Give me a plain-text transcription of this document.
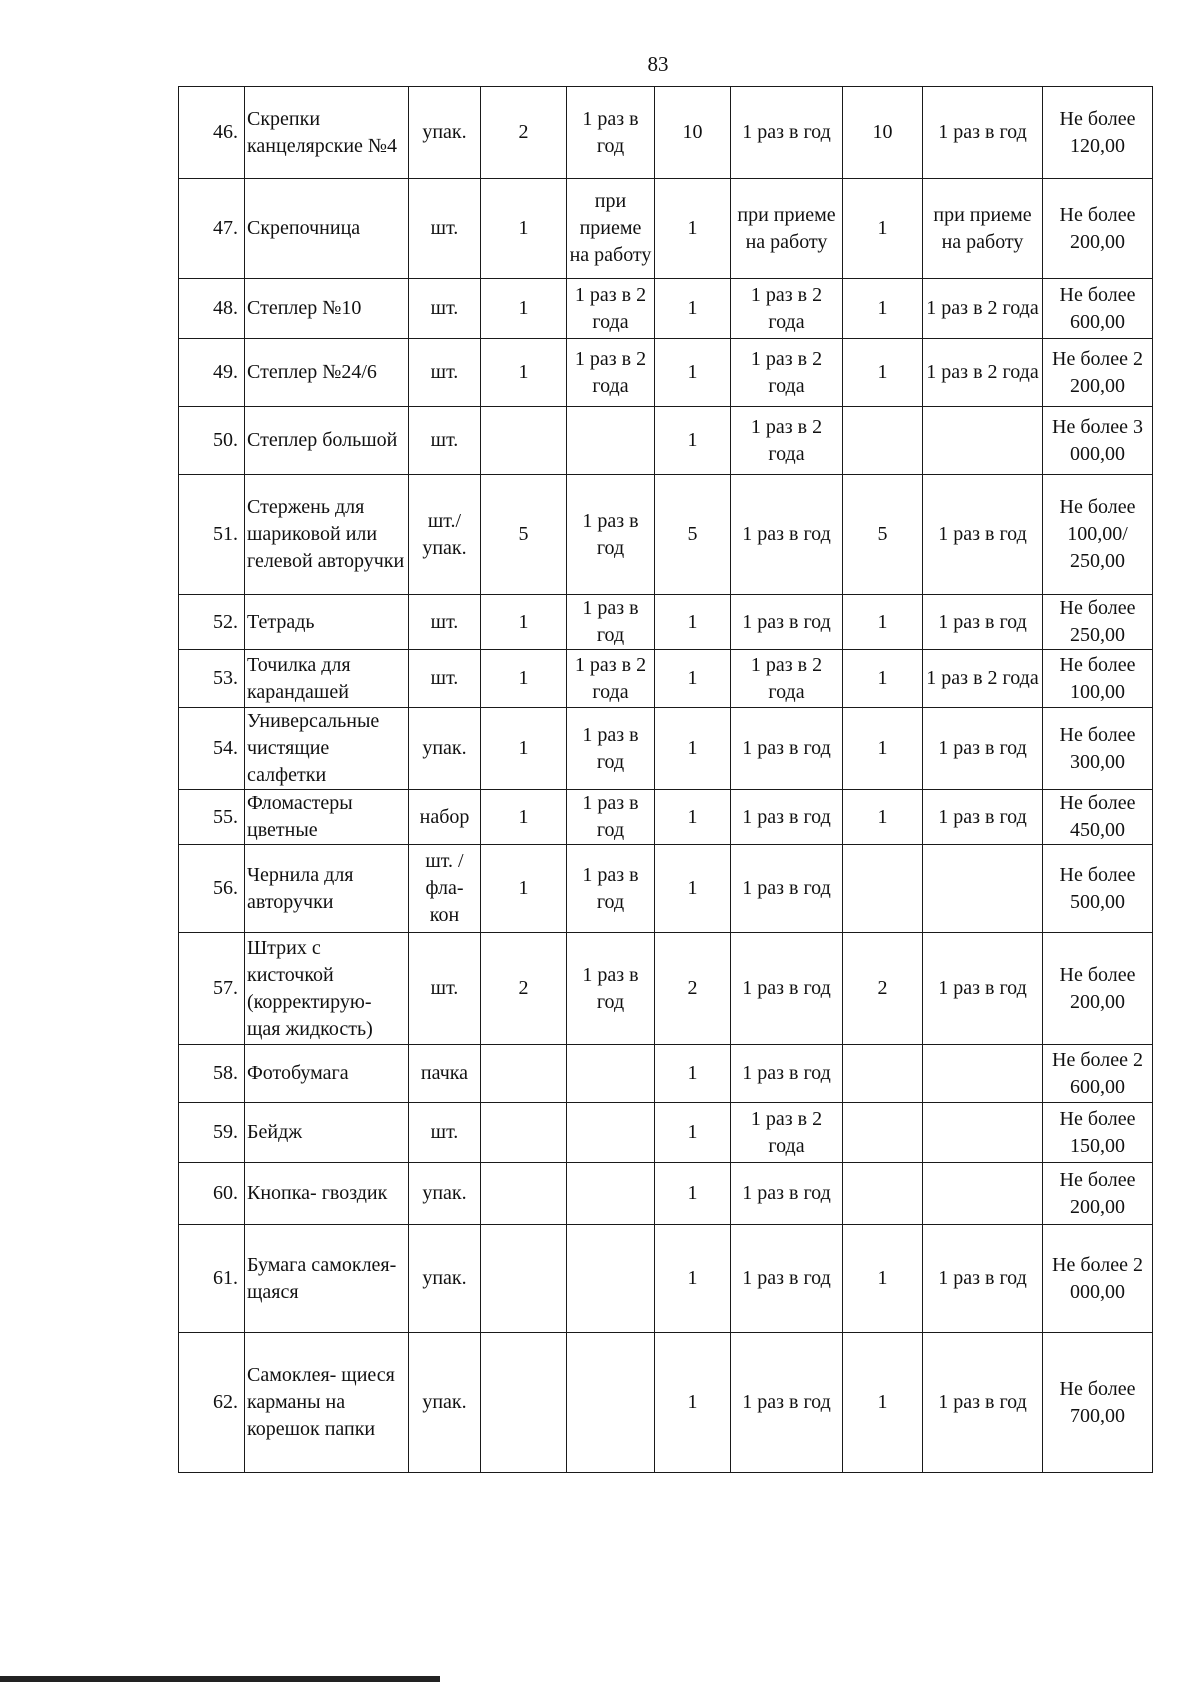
83
46.	Скрепки канцелярские №4	упак.	2	1 раз в год	10	1 раз в год	10	1 раз в год	Не более 120,00
47.	Скрепочница	шт.	1	при приеме на работу	1	при приеме на работу	1	при приеме на работу	Не более 200,00
48.	Степлер №10	шт.	1	1 раз в 2 года	1	1 раз в 2 года	1	1 раз в 2 года	Не более 600,00
49.	Степлер №24/6	шт.	1	1 раз в 2 года	1	1 раз в 2 года	1	1 раз в 2 года	Не более 2 200,00
50.	Степлер большой	шт.			1	1 раз в 2 года			Не более 3 000,00
51.	Стержень для шариковой или гелевой авторучки	шт./ упак.	5	1 раз в год	5	1 раз в год	5	1 раз в год	Не более 100,00/ 250,00
52.	Тетрадь	шт.	1	1 раз в год	1	1 раз в год	1	1 раз в год	Не более 250,00
53.	Точилка для карандашей	шт.	1	1 раз в 2 года	1	1 раз в 2 года	1	1 раз в 2 года	Не более 100,00
54.	Универсальные чистящие салфетки	упак.	1	1 раз в год	1	1 раз в год	1	1 раз в год	Не более 300,00
55.	Фломастеры цветные	набор	1	1 раз в год	1	1 раз в год	1	1 раз в год	Не более 450,00
56.	Чернила для авторучки	шт. / фла- кон	1	1 раз в год	1	1 раз в год			Не более 500,00
57.	Штрих с кисточкой (корректирую- щая жидкость)	шт.	2	1 раз в год	2	1 раз в год	2	1 раз в год	Не более 200,00
58.	Фотобумага	пачка			1	1 раз в год			Не более 2 600,00
59.	Бейдж	шт.			1	1 раз в 2 года			Не более 150,00
60.	Кнопка- гвоздик	упак.			1	1 раз в год			Не более 200,00
61.	Бумага самоклея- щаяся	упак.			1	1 раз в год	1	1 раз в год	Не более 2 000,00
62.	Самоклея- щиеся карманы на корешок папки	упак.			1	1 раз в год	1	1 раз в год	Не более 700,00
